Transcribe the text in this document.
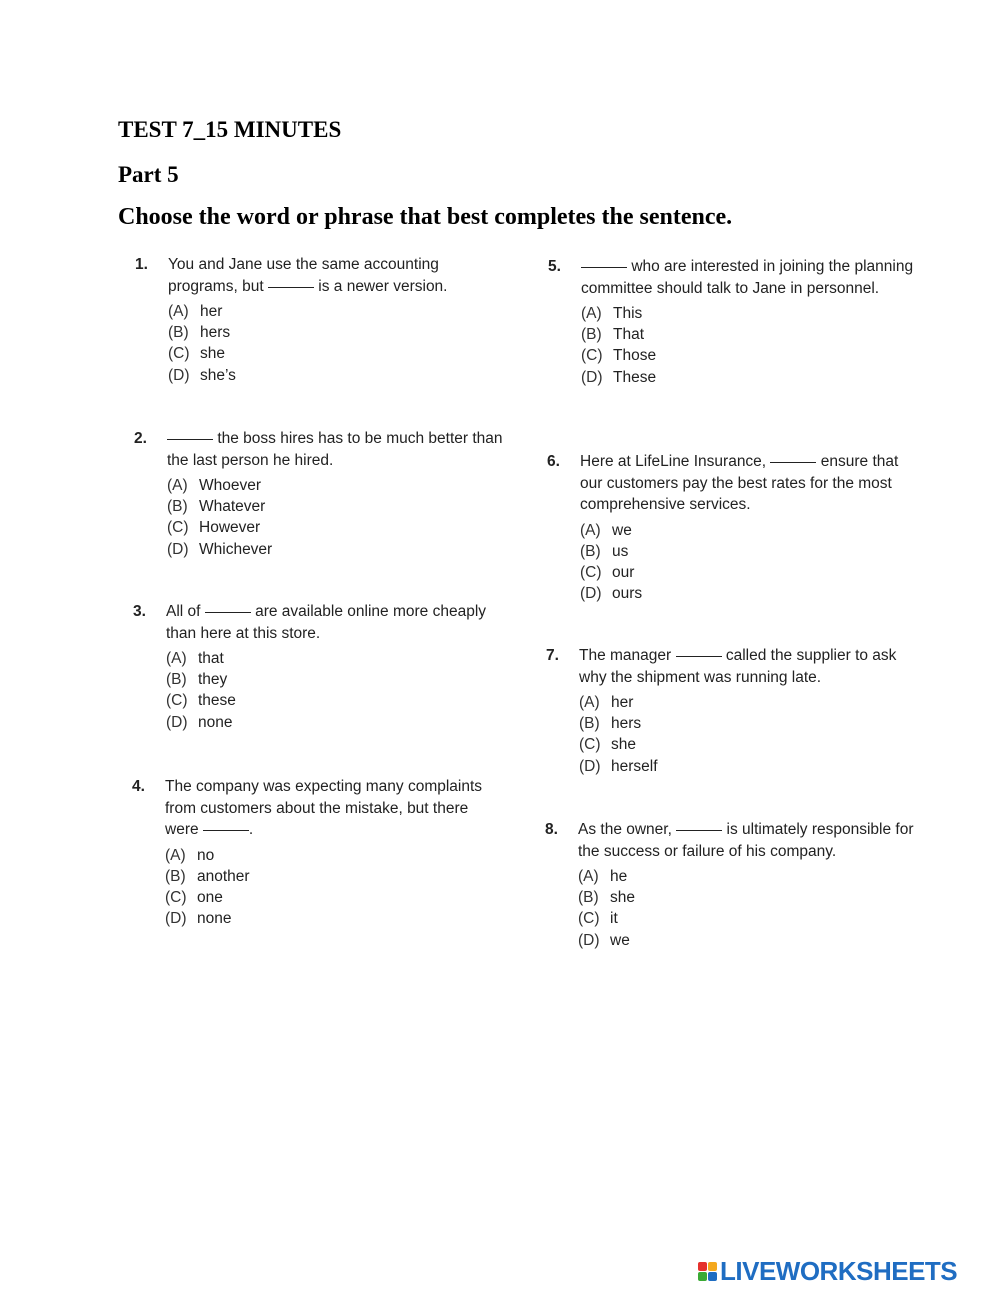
TEST 7_15 MINUTES
Part 5
Choose the word or phrase that best completes the sentence.
1.	You and Jane use the same accounting programs, but	is a newer version.
(A) her
(B) hers
(C) she
(D) she’s
2.	the boss hires has to be much better than the last person he hired.
(A) Whoever
(B) Whatever
(C) However
(D) Whichever
3.	All of	are available online more cheaply than here at this store.
(A) that
(B) they
(C) these
(D) none
4.	The company was expecting many complaints from customers about the mistake, but there were	.
(A) no
(B) another
(C) one
(D) none
5.	who are interested in joining the planning committee should talk to Jane in personnel.
(A) This
(B) That
(C) Those
(D) These
6.	Here at LifeLine Insurance,	ensure that our customers pay the best rates for the most comprehensive services.
(A) we
(B) us
(C) our
(D) ours
7.	The manager	called the supplier to ask why the shipment was running late.
(A) her
(B) hers
(C) she
(D) herself
8.	As the owner,	is ultimately responsible for the success or failure of his company.
(A) he
(B) she
(C) it
(D) we
LIVEWORKSHEETS
